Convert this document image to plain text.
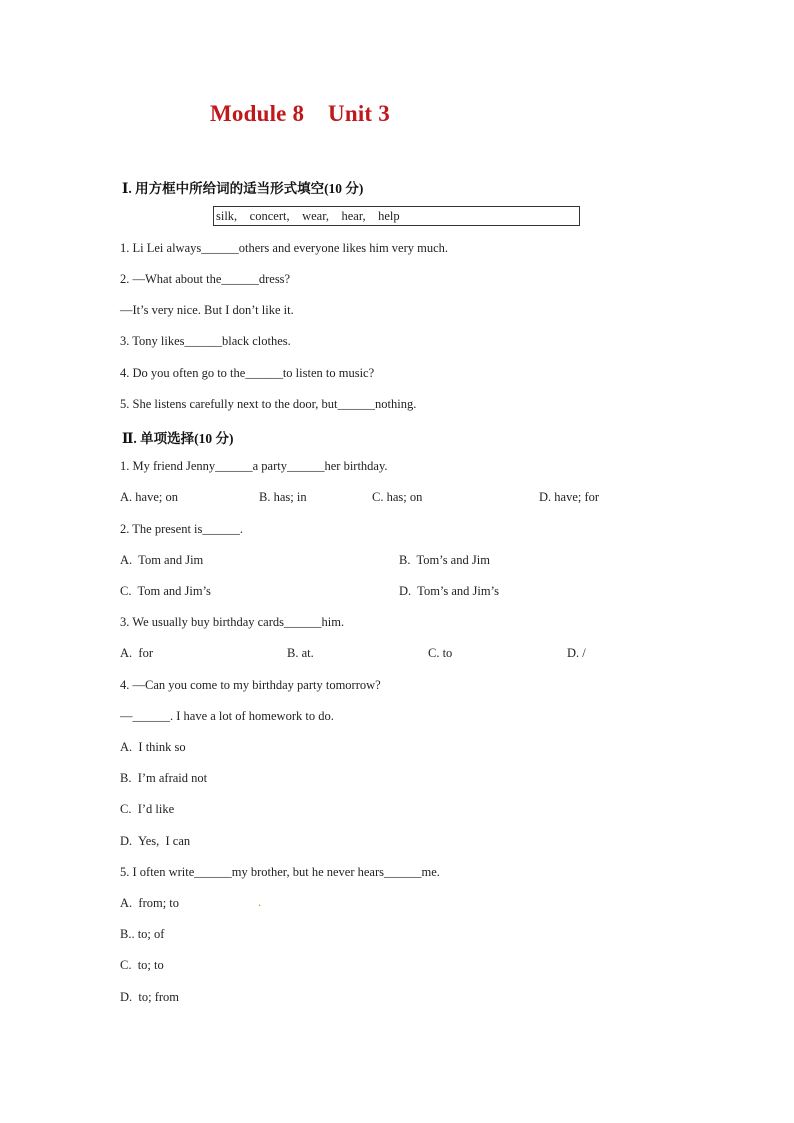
Module 8    Unit 3
Ⅰ. 用方框中所给词的适当形式填空(10 分)
silk,    concert,    wear,    hear,    help
1. Li Lei always______others and everyone likes him very much.
2. —What about the______dress?
—It’s very nice. But I don’t like it.
3. Tony likes______black clothes.
4. Do you often go to the______to listen to music?
5. She listens carefully next to the door, but______nothing.
Ⅱ. 单项选择(10 分)
1. My friend Jenny______a party______her birthday.
A. have; on	B. has; in	C. has; on	D. have; for
2. The present is______.
A.  Tom and Jim	B.  Tom’s and Jim
C.  Tom and Jim’s	D.  Tom’s and Jim’s
3. We usually buy birthday cards______him.
A.  for	B. at.	C. to	D. /
4. —Can you come to my birthday party tomorrow?
—______. I have a lot of homework to do.
A.  I think so
B.  I’m afraid not
C.  I’d like
D.  Yes,  I can
5. I often write______my brother, but he never hears______me.
A.  from; to	.
B.. to; of
C.  to; to
D.  to; from
